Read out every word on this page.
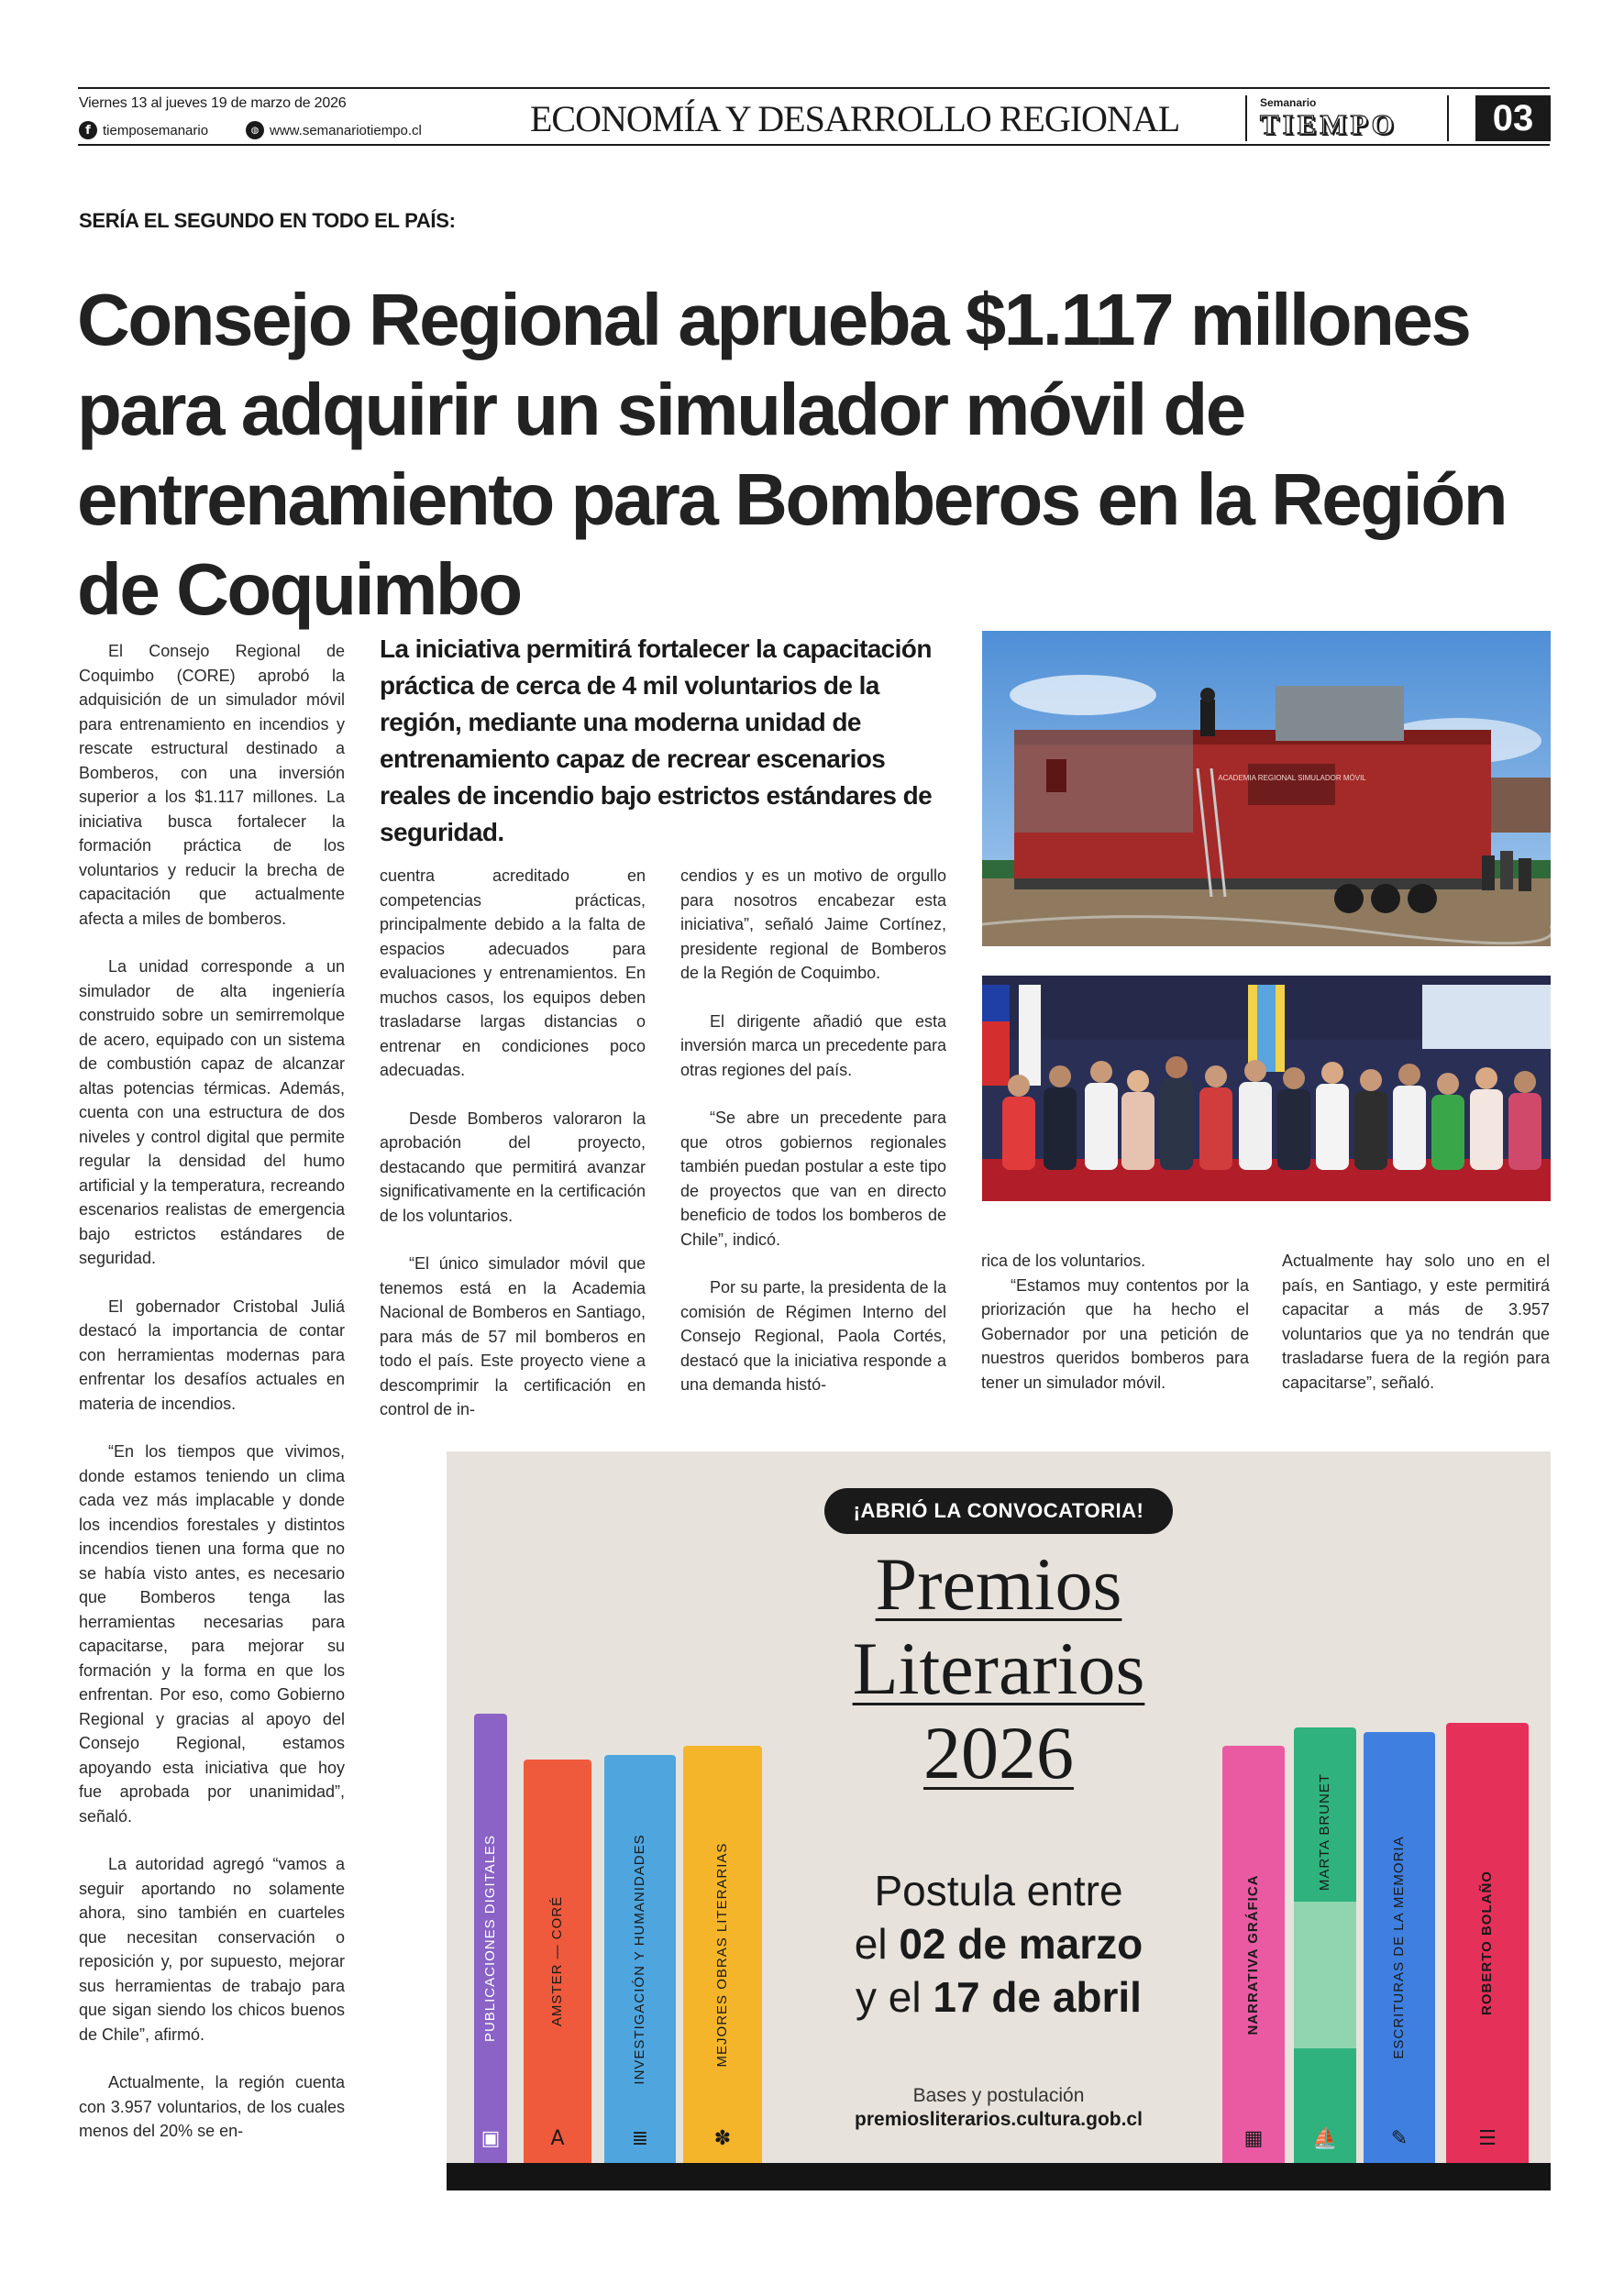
Viernes 13 al jueves 19 de marzo de 2026
f tiemposemanario	◍ www.semanariotiempo.cl	ECONOMÍA Y DESARROLLO REGIONAL	Semanario
TIEMPO	03
SERÍA EL SEGUNDO EN TODO EL PAÍS:
Consejo Regional aprueba $1.117 millones para adquirir un simulador móvil de entrenamiento para Bomberos en la Región de Coquimbo

El Consejo Regional de Coquimbo (CORE) aprobó la adquisición de un simulador móvil para entrenamiento en incendios y rescate estructural destinado a Bomberos, con una inversión superior a los $1.117 millones. La iniciativa busca fortalecer la formación práctica de los voluntarios y reducir la brecha de capacitación que actualmente afecta a miles de bomberos.

La unidad corresponde a un simulador de alta ingeniería construido sobre un semirremolque de acero, equipado con un sistema de combustión capaz de alcanzar altas potencias térmicas. Además, cuenta con una estructura de dos niveles y control digital que permite regular la densidad del humo artificial y la temperatura, recreando escenarios realistas de emergencia bajo estrictos estándares de seguridad.

El gobernador Cristobal Juliá destacó la importancia de contar con herramientas modernas para enfrentar los desafíos actuales en materia de incendios.

“En los tiempos que vivimos, donde estamos teniendo un clima cada vez más implacable y donde los incendios forestales y distintos incendios tienen una forma que no se había visto antes, es necesario que Bomberos tenga las herramientas necesarias para capacitarse, para mejorar su formación y la forma en que los enfrentan. Por eso, como Gobierno Regional y gracias al apoyo del Consejo Regional, estamos apoyando esta iniciativa que hoy fue aprobada por unanimidad”, señaló.

La autoridad agregó “vamos a seguir aportando no solamente ahora, sino también en cuarteles que necesitan conservación o reposición y, por supuesto, mejorar sus herramientas de trabajo para que sigan siendo los chicos buenos de Chile”, afirmó.

Actualmente, la región cuenta con 3.957 voluntarios, de los cuales menos del 20% se en-

La iniciativa permitirá fortalecer la capacitación práctica de cerca de 4 mil voluntarios de la región, mediante una moderna unidad de entrenamiento capaz de recrear escenarios reales de incendio bajo estrictos estándares de seguridad.

cuentra acreditado en competencias prácticas, principalmente debido a la falta de espacios adecuados para evaluaciones y entrenamientos. En muchos casos, los equipos deben trasladarse largas distancias o entrenar en condiciones poco adecuadas.

Desde Bomberos valoraron la aprobación del proyecto, destacando que permitirá avanzar significativamente en la certificación de los voluntarios.

“El único simulador móvil que tenemos está en la Academia Nacional de Bomberos en Santiago, para más de 57 mil bomberos en todo el país. Este proyecto viene a descomprimir la certificación en control de in-

cendios y es un motivo de orgullo para nosotros encabezar esta iniciativa”, señaló Jaime Cortínez, presidente regional de Bomberos de la Región de Coquimbo.

El dirigente añadió que esta inversión marca un precedente para otras regiones del país.

“Se abre un precedente para que otros gobiernos regionales también puedan postular a este tipo de proyectos que van en directo beneficio de todos los bomberos de Chile”, indicó.

Por su parte, la presidenta de la comisión de Régimen Interno del Consejo Regional, Paola Cortés, destacó que la iniciativa responde a una demanda histó-

rica de los voluntarios.

“Estamos muy contentos por la priorización que ha hecho el Gobernador por una petición de nuestros queridos bomberos para tener un simulador móvil.

Actualmente hay solo uno en el país, en Santiago, y este permitirá capacitar a más de 3.957 voluntarios que ya no tendrán que trasladarse fuera de la región para capacitarse”, señaló.

ACADEMIA REGIONAL SIMULADOR MÓVIL
¡ABRIÓ LA CONVOCATORIA!
Premios
Literarios
2026
Postula entre
el 02 de marzo
y el 17 de abril
Bases y postulación
premiosliterarios.cultura.gob.cl
PUBLICACIONES DIGITALES
▣
AMSTER — CORÉ
A
INVESTIGACIÓN Y HUMANIDADES
≣
MEJORES OBRAS LITERARIAS
✽
NARRATIVA GRÁFICA
▦
MARTA BRUNET
⛵
ESCRITURAS DE LA MEMORIA
✎
ROBERTO BOLAÑO
☰
